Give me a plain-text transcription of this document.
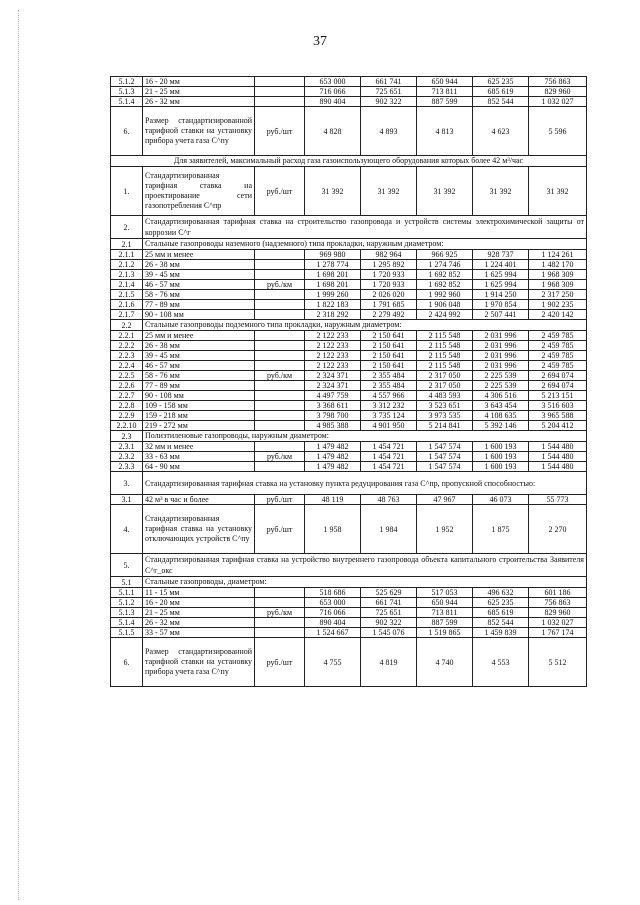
37
5.1.2	16 - 20 мм		653 000	661 741	650 944	625 235	756 863
5.1.3	21 - 25 мм		716 066	725 651	713 811	685 619	829 960
5.1.4	26 - 32 мм		890 404	902 322	887 599	852 544	1 032 027
6.	Размер стандартизированной тарифной ставки на установку прибора учета газа С^пу	руб./шт	4 828	4 893	4 813	4 623	5 596
Для заявителей, максимальный расход газа газоиспользующего оборудования которых более 42 м³/час							
1.	Стандартизированная тарифная ставка на проектирование сети газопотребления С^пр	руб./шт	31 392	31 392	31 392	31 392	31 392
2.	Стандартизированная тарифная ставка на строительство газопровода и устройств системы электрохимической защиты от коррозии С^г						
2.1	Стальные газопроводы наземного (надземного) типа прокладки, наружным диаметром:						
2.1.1	25 мм и менее		969 980	982 964	966 925	928 737	1 124 261
2.1.2	26 - 38 мм		1 278 774	1 295 892	1 274 746	1 224 401	1 482 170
2.1.3	39 - 45 мм		1 698 201	1 720 933	1 692 852	1 625 994	1 968 309
2.1.4	46 - 57 мм	руб./км	1 698 201	1 720 933	1 692 852	1 625 994	1 968 309
2.1.5	58 - 76 мм		1 999 260	2 026 020	1 992 960	1 914 250	2 317 250
2.1.6	77 - 89 мм		1 822 183	1 791 685	1 906 048	1 970 854	1 902 235
2.1.7	90 - 108 мм		2 318 292	2 279 492	2 424 992	2 507 441	2 420 142
2.2	Стальные газопроводы подземного типа прокладки, наружным диаметром:						
2.2.1	25 мм и менее		2 122 233	2 150 641	2 115 548	2 031 996	2 459 785
2.2.2	26 - 38 мм		2 122 233	2 150 641	2 115 548	2 031 996	2 459 785
2.2.3	39 - 45 мм		2 122 233	2 150 641	2 115 548	2 031 996	2 459 785
2.2.4	46 - 57 мм		2 122 233	2 150 641	2 115 548	2 031 996	2 459 785
2.2.5	58 - 76 мм	руб./км	2 324 371	2 355 484	2 317 050	2 225 539	2 694 074
2.2.6	77 - 89 мм		2 324 371	2 355 484	2 317 050	2 225 539	2 694 074
2.2.7	90 - 108 мм		4 497 759	4 557 966	4 483 593	4 306 516	5 213 151
2.2.8	109 - 158 мм		3 368 611	3 312 232	3 523 651	3 643 454	3 516 603
2.2.9	159 - 218 мм		3 798 700	3 735 124	3 973 535	4 108 635	3 965 588
2.2.10	219 - 272 мм		4 985 388	4 901 950	5 214 841	5 392 146	5 204 412
2.3	Полиэтиленовые газопроводы, наружным диаметром:						
2.3.1	32 мм и менее		1 479 482	1 454 721	1 547 574	1 600 193	1 544 480
2.3.2	33 - 63 мм	руб./км	1 479 482	1 454 721	1 547 574	1 600 193	1 544 480
2.3.3	64 - 90 мм		1 479 482	1 454 721	1 547 574	1 600 193	1 544 480
3.	Стандартизированная тарифная ставка на установку пункта редуцирования газа С^пр, пропускной способностью:						
3.1	42 м³ в час и более	руб./шт	48 119	48 763	47 967	46 073	55 773
4.	Стандартизированная тарифная ставка на установку отключающих устройств С^пу	руб./шт	1 958	1 984	1 952	1 875	2 270
5.	Стандартизированная тарифная ставка на устройство внутреннего газопровода объекта капитального строительства Заявителя С^г_окс						
5.1	Стальные газопроводы, диаметром:						
5.1.1	11 - 15 мм		518 686	525 629	517 053	496 632	601 186
5.1.2	16 - 20 мм		653 000	661 741	650 944	625 235	756 863
5.1.3	21 - 25 мм	руб./км	716 066	725 651	713 811	685 619	829 960
5.1.4	26 - 32 мм		890 404	902 322	887 599	852 544	1 032 027
5.1.5	33 - 57 мм		1 524 667	1 545 076	1 519 865	1 459 839	1 767 174
6.	Размер стандартизированной тарифной ставки на установку прибора учета газа С^пу	руб./шт	4 755	4 819	4 740	4 553	5 512
